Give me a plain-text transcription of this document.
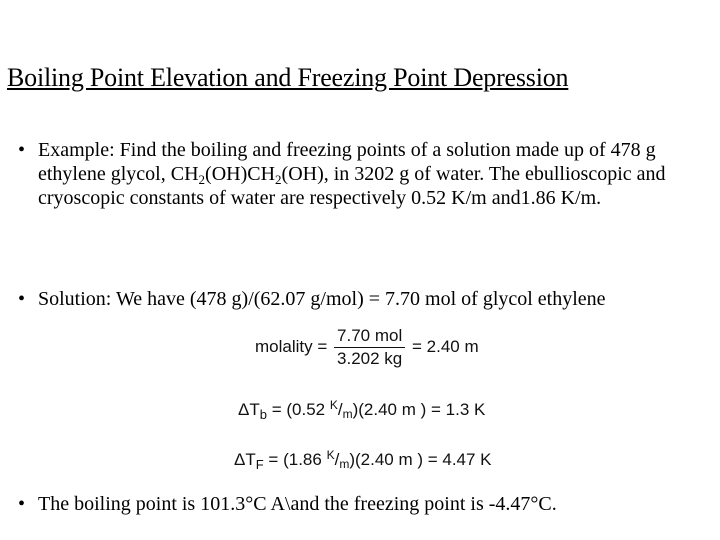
Boiling Point Elevation and Freezing Point Depression
• Example: Find the boiling and freezing points of a solution made up of 478 g ethylene glycol, $CH_2(OH)CH_2(OH)$, in 3202 g of water. The ebullioscopic and cryoscopic constants of water are respectively 0.52 K/m and1.86 K/m.
• Solution: We have (478 g)/(62.07 g/mol) = 7.70 mol of glycol ethylene
molality = $\frac{\text{7.70 mol}}{3.202 kg} = 2.40$ m
$\Delta T_b = (0.52$ $^K/_m)(2.40$ m ) = 1.3 K
$\Delta T_F = (1.86$ $^K/_m)(2.40$ m ) = 4.47 K
• The boiling point is 101.3°C A\and the freezing point is -4.47°C.
